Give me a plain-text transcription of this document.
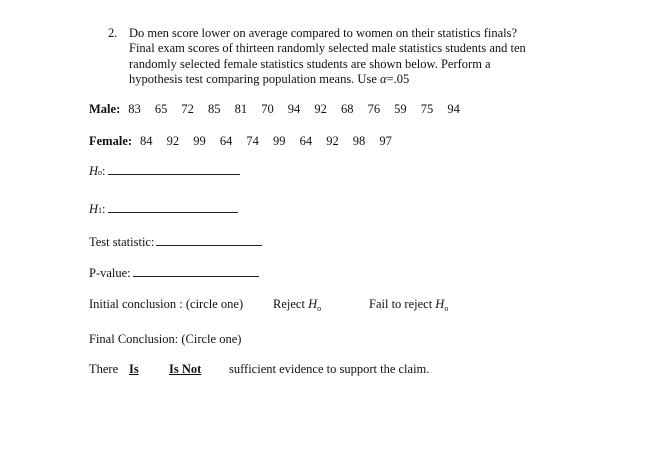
2. Do men score lower on average compared to women on their statistics finals?
Final exam scores of thirteen randomly selected male statistics students and ten
randomly selected female statistics students are shown below. Perform a
hypothesis test comparing population means. Use α=.05
Male: 83 65 72 85 81 70 94 92 68 76 59 75 94
Female: 84 92 99 64 74 99 64 92 98 97
H o :
H 1 :
Test statistic:
P-value:
Initial conclusion : (circle one) Reject $H_o$	Fail to reject $H_o$
Final Conclusion: (Circle one)
There Is Is Not sufficient evidence to support the claim.
